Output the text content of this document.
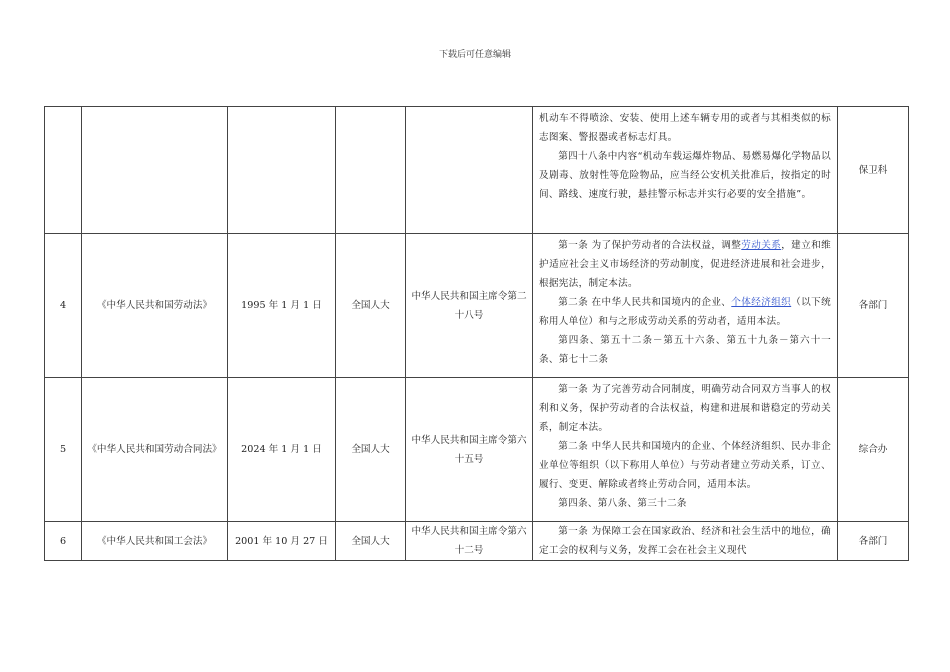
下载后可任意编辑

					机动车不得喷涂、安装、使用上述车辆专用的或者与其相类似的标志图案、警报器或者标志灯具。

第四十八条中内容“机动车载运爆炸物品、易燃易爆化学物品以及剧毒、放射性等危险物品，应当经公安机关批准后，按指定的时间、路线、速度行驶，悬挂警示标志并实行必要的安全措施”。	保卫科
4	《中华人民共和国劳动法》	1995 年 1 月 1 日	全国人大	中华人民共和国主席令第二十八号	第一条 为了保护劳动者的合法权益，调整劳动关系，建立和维护适应社会主义市场经济的劳动制度，促进经济进展和社会进步，根据宪法，制定本法。

第二条 在中华人民共和国境内的企业、个体经济组织（以下统称用人单位）和与之形成劳动关系的劳动者，适用本法。

第四条、第五十二条－第五十六条、第五十九条－第六十一条、第七十二条	各部门
5	《中华人民共和国劳动合同法》	2024 年 1 月 1 日	全国人大	中华人民共和国主席令第六十五号	第一条 为了完善劳动合同制度，明确劳动合同双方当事人的权利和义务，保护劳动者的合法权益，构建和进展和谐稳定的劳动关系，制定本法。

第二条 中华人民共和国境内的企业、个体经济组织、民办非企业单位等组织（以下称用人单位）与劳动者建立劳动关系，订立、履行、变更、解除或者终止劳动合同，适用本法。

第四条、第八条、第三十二条	综合办
6	《中华人民共和国工会法》	2001 年 10 月 27 日	全国人大	中华人民共和国主席令第六十二号	第一条 为保障工会在国家政治、经济和社会生活中的地位，确定工会的权利与义务，发挥工会在社会主义现代	各部门
